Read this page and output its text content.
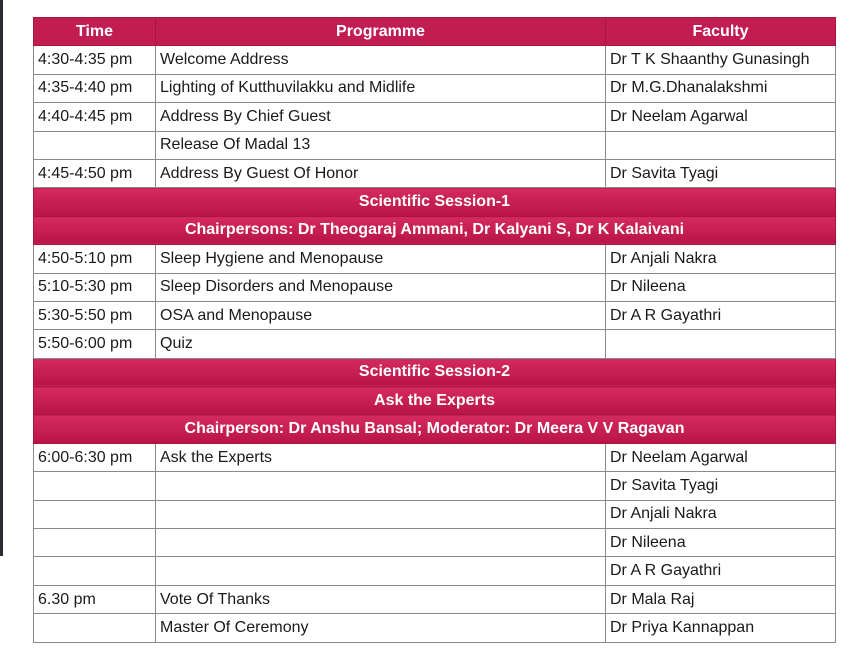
Time	Programme	Faculty
4:30-4:35 pm	Welcome Address	Dr T K Shaanthy Gunasingh
4:35-4:40 pm	Lighting of Kutthuvilakku and Midlife	Dr M.G.Dhanalakshmi
4:40-4:45 pm	Address By Chief Guest	Dr Neelam Agarwal
	Release Of Madal 13	
4:45-4:50 pm	Address By Guest Of Honor	Dr Savita Tyagi
Scientific Session-1		
Chairpersons: Dr Theogaraj Ammani, Dr Kalyani S, Dr K Kalaivani		
4:50-5:10 pm	Sleep Hygiene and Menopause	Dr Anjali Nakra
5:10-5:30 pm	Sleep Disorders and Menopause	Dr Nileena
5:30-5:50 pm	OSA and Menopause	Dr A R Gayathri
5:50-6:00 pm	Quiz	
Scientific Session-2		
Ask the Experts		
Chairperson: Dr Anshu Bansal; Moderator: Dr Meera V V Ragavan		
6:00-6:30 pm	Ask the Experts	Dr Neelam Agarwal
		Dr Savita Tyagi
		Dr Anjali Nakra
		Dr Nileena
		Dr A R Gayathri
6.30 pm	Vote Of Thanks	Dr Mala Raj
	Master Of Ceremony	Dr Priya Kannappan
